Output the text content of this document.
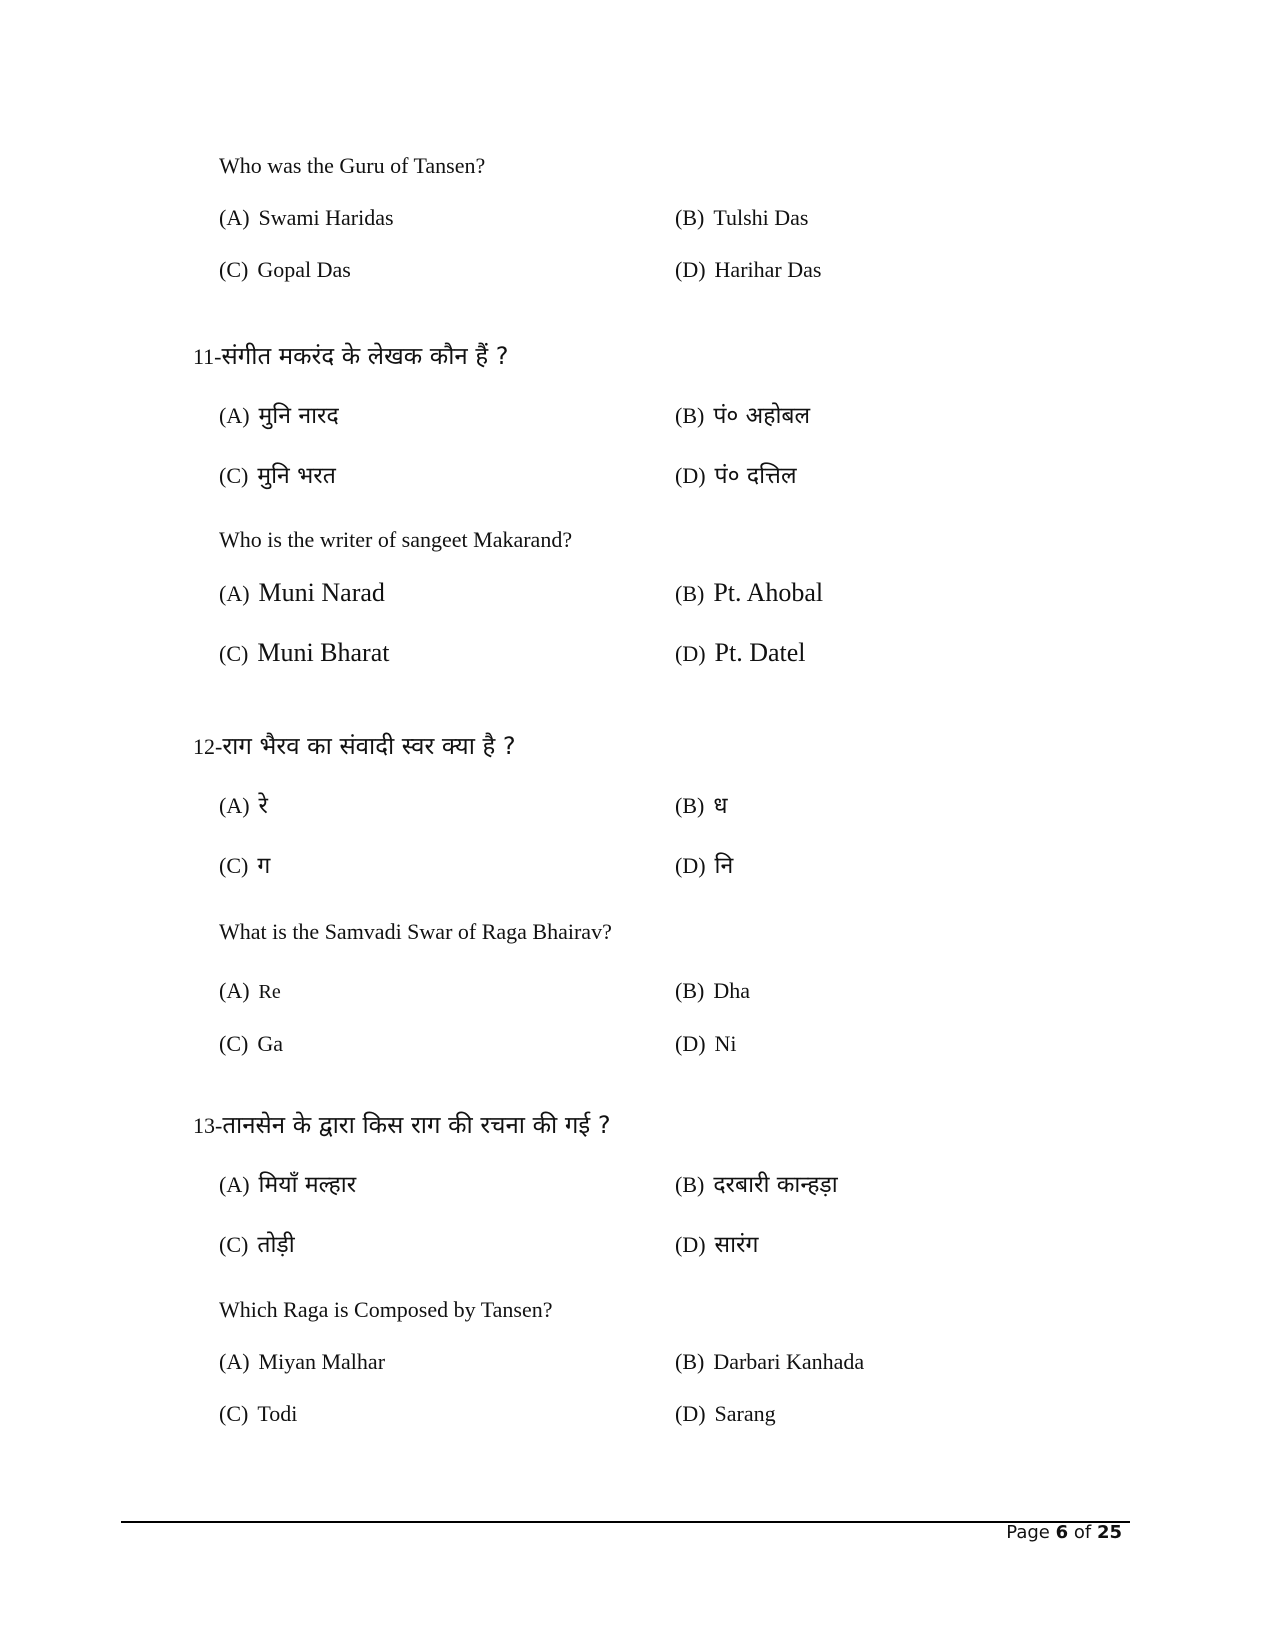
Who was the Guru of Tansen?
(A) Swami Haridas	(B) Tulshi Das
(C) Gopal Das	(D) Harihar Das
11-संगीत मकरंद के लेखक कौन हैं ?
(A) मुनि नारद	(B) पं० अहोबल
(C) मुनि भरत	(D) पं० दत्तिल
Who is the writer of sangeet Makarand?
(A) Muni Narad	(B) Pt. Ahobal
(C) Muni Bharat	(D) Pt. Datel
12-राग भैरव का संवादी स्वर क्या है ?
(A) रे	(B) ध
(C) ग	(D) नि
What is the Samvadi Swar of Raga Bhairav?
(A) Re	(B) Dha
(C) Ga	(D) Ni
13-तानसेन के द्वारा किस राग की रचना की गई ?
(A) मियाँ मल्हार	(B) दरबारी कान्हड़ा
(C) तोड़ी	(D) सारंग
Which Raga is Composed by Tansen?
(A) Miyan Malhar	(B) Darbari Kanhada
(C) Todi	(D) Sarang
Page 6 of 25
